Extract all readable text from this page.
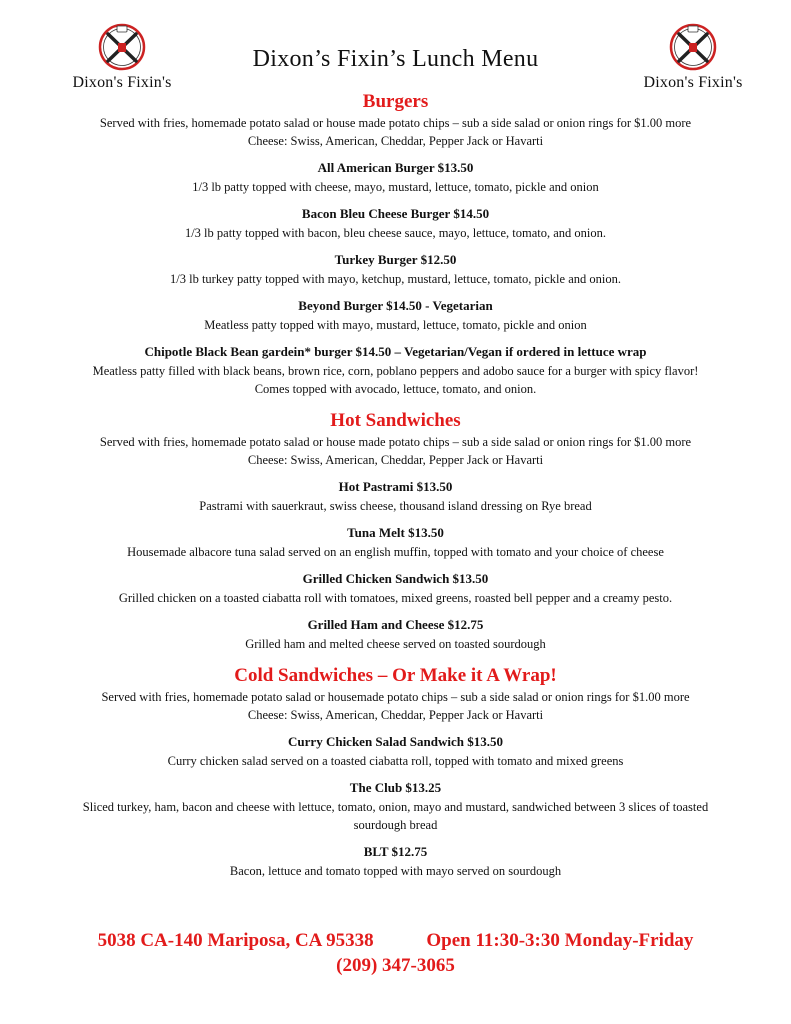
Dixon's Fixin's	Dixon's Fixin's
Dixon’s Fixin’s Lunch Menu
Burgers
Served with fries, homemade potato salad or house made potato chips – sub a side salad or onion rings for $1.00 more
Cheese: Swiss, American, Cheddar, Pepper Jack or Havarti
All American Burger $13.50
1/3 lb patty topped with cheese, mayo, mustard, lettuce, tomato, pickle and onion
Bacon Bleu Cheese Burger $14.50
1/3 lb patty topped with bacon, bleu cheese sauce, mayo, lettuce, tomato, and onion.
Turkey Burger $12.50
1/3 lb turkey patty topped with mayo, ketchup, mustard, lettuce, tomato, pickle and onion.
Beyond Burger $14.50 - Vegetarian
Meatless patty topped with mayo, mustard, lettuce, tomato, pickle and onion
Chipotle Black Bean gardein* burger $14.50 – Vegetarian/Vegan if ordered in lettuce wrap
Meatless patty filled with black beans, brown rice, corn, poblano peppers and adobo sauce for a burger with spicy flavor!
Comes topped with avocado, lettuce, tomato, and onion.
Hot Sandwiches
Served with fries, homemade potato salad or house made potato chips – sub a side salad or onion rings for $1.00 more
Cheese: Swiss, American, Cheddar, Pepper Jack or Havarti
Hot Pastrami $13.50
Pastrami with sauerkraut, swiss cheese, thousand island dressing on Rye bread
Tuna Melt $13.50
Housemade albacore tuna salad served on an english muffin, topped with tomato and your choice of cheese
Grilled Chicken Sandwich $13.50
Grilled chicken on a toasted ciabatta roll with tomatoes, mixed greens, roasted bell pepper and a creamy pesto.
Grilled Ham and Cheese $12.75
Grilled ham and melted cheese served on toasted sourdough
Cold Sandwiches – Or Make it A Wrap!
Served with fries, homemade potato salad or housemade potato chips – sub a side salad or onion rings for $1.00 more
Cheese: Swiss, American, Cheddar, Pepper Jack or Havarti
Curry Chicken Salad Sandwich $13.50
Curry chicken salad served on a toasted ciabatta roll, topped with tomato and mixed greens
The Club $13.25
Sliced turkey, ham, bacon and cheese with lettuce, tomato, onion, mayo and mustard, sandwiched between 3 slices of toasted
sourdough bread
BLT $12.75
Bacon, lettuce and tomato topped with mayo served on sourdough
5038 CA-140 Mariposa, CA 95338	Open 11:30-3:30 Monday-Friday
(209) 347-3065
